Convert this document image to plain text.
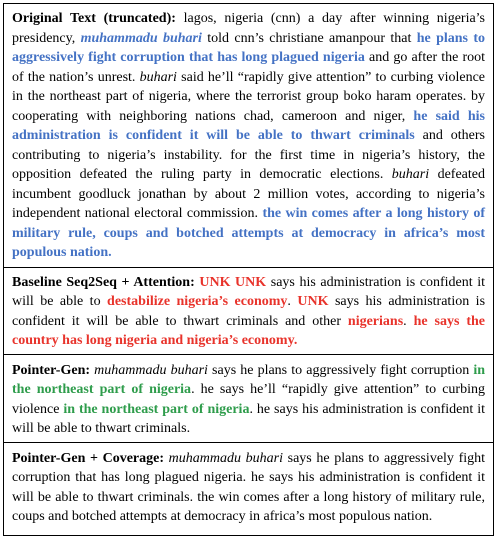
Original Text (truncated): lagos, nigeria (cnn) a day after winning nigeria’s presidency, muhammadu buhari told cnn’s christiane amanpour that he plans to aggressively fight corruption that has long plagued nigeria and go after the root of the nation’s unrest. buhari said he’ll “rapidly give attention” to curbing violence in the northeast part of nigeria, where the terrorist group boko haram operates. by cooperating with neighboring nations chad, cameroon and niger, he said his administration is confident it will be able to thwart criminals and others contributing to nigeria’s instability. for the first time in nigeria’s history, the opposition defeated the ruling party in democratic elections. buhari defeated incumbent goodluck jonathan by about 2 million votes, according to nigeria’s independent national electoral commission. the win comes after a long history of military rule, coups and botched attempts at democracy in africa’s most populous nation.
Baseline Seq2Seq + Attention: UNK UNK says his administration is confident it will be able to destabilize nigeria’s economy. UNK says his administration is confident it will be able to thwart criminals and other nigerians. he says the country has long nigeria and nigeria’s economy.
Pointer-Gen: muhammadu buhari says he plans to aggressively fight corruption in the northeast part of nigeria. he says he’ll “rapidly give attention” to curbing violence in the northeast part of nigeria. he says his administration is confident it will be able to thwart criminals.
Pointer-Gen + Coverage: muhammadu buhari says he plans to aggressively fight corruption that has long plagued nigeria. he says his administration is confident it will be able to thwart criminals. the win comes after a long history of military rule, coups and botched attempts at democracy in africa’s most populous nation.
